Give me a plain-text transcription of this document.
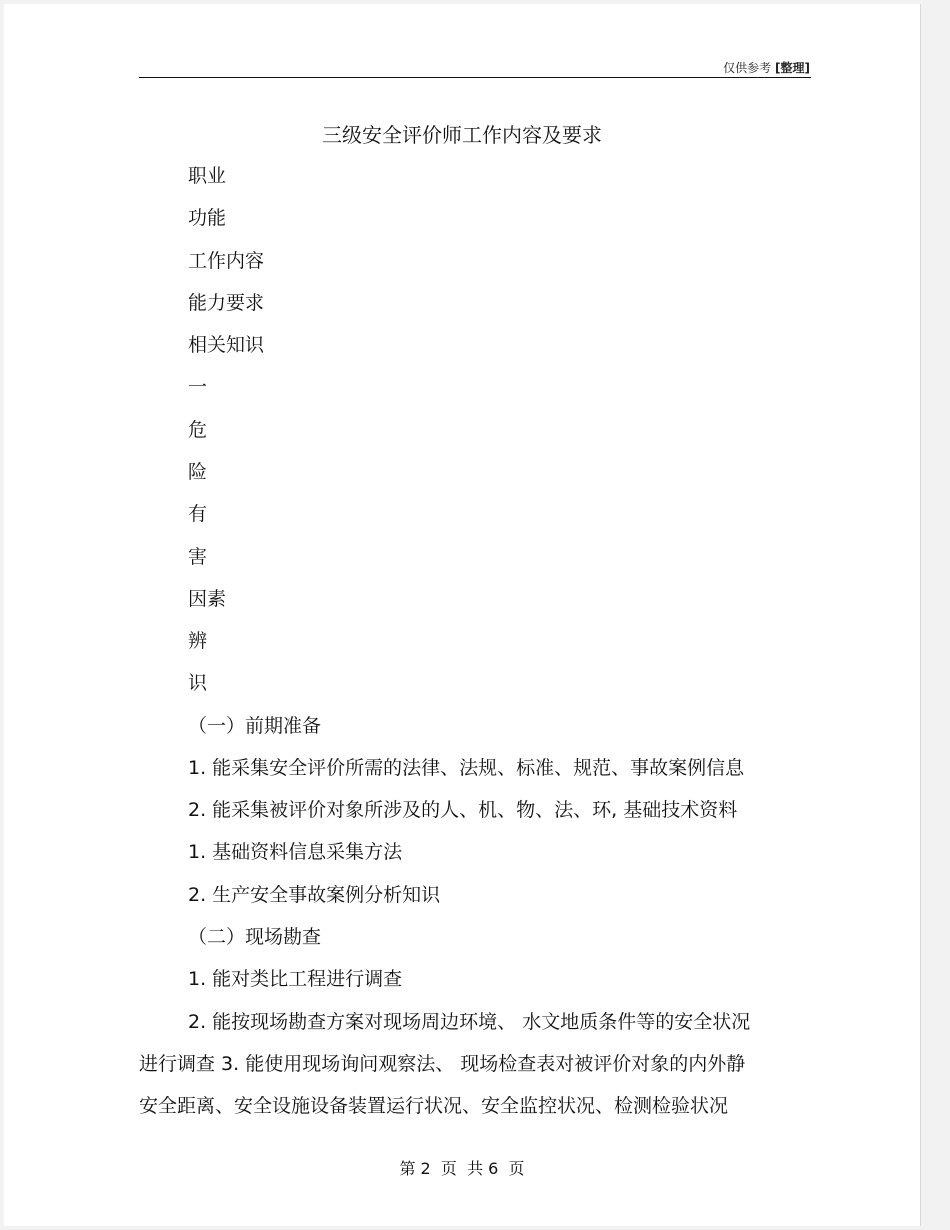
仅供参考 [整理]
三级安全评价师工作内容及要求
职业
功能
工作内容
能力要求
相关知识
一
危
险
有
害
因素
辨
识
（一）前期准备
1. 能采集安全评价所需的法律、法规、标准、规范、事故案例信息
2. 能采集被评价对象所涉及的人、机、物、法、环, 基础技术资料
1. 基础资料信息采集方法
2. 生产安全事故案例分析知识
（二）现场勘查
1. 能对类比工程进行调查
2. 能按现场勘查方案对现场周边环境、 水文地质条件等的安全状况
进行调查 3. 能使用现场询问观察法、 现场检查表对被评价对象的内外静
安全距离、安全设施设备装置运行状况、安全监控状况、检测检验状况
第 2  页  共 6  页
